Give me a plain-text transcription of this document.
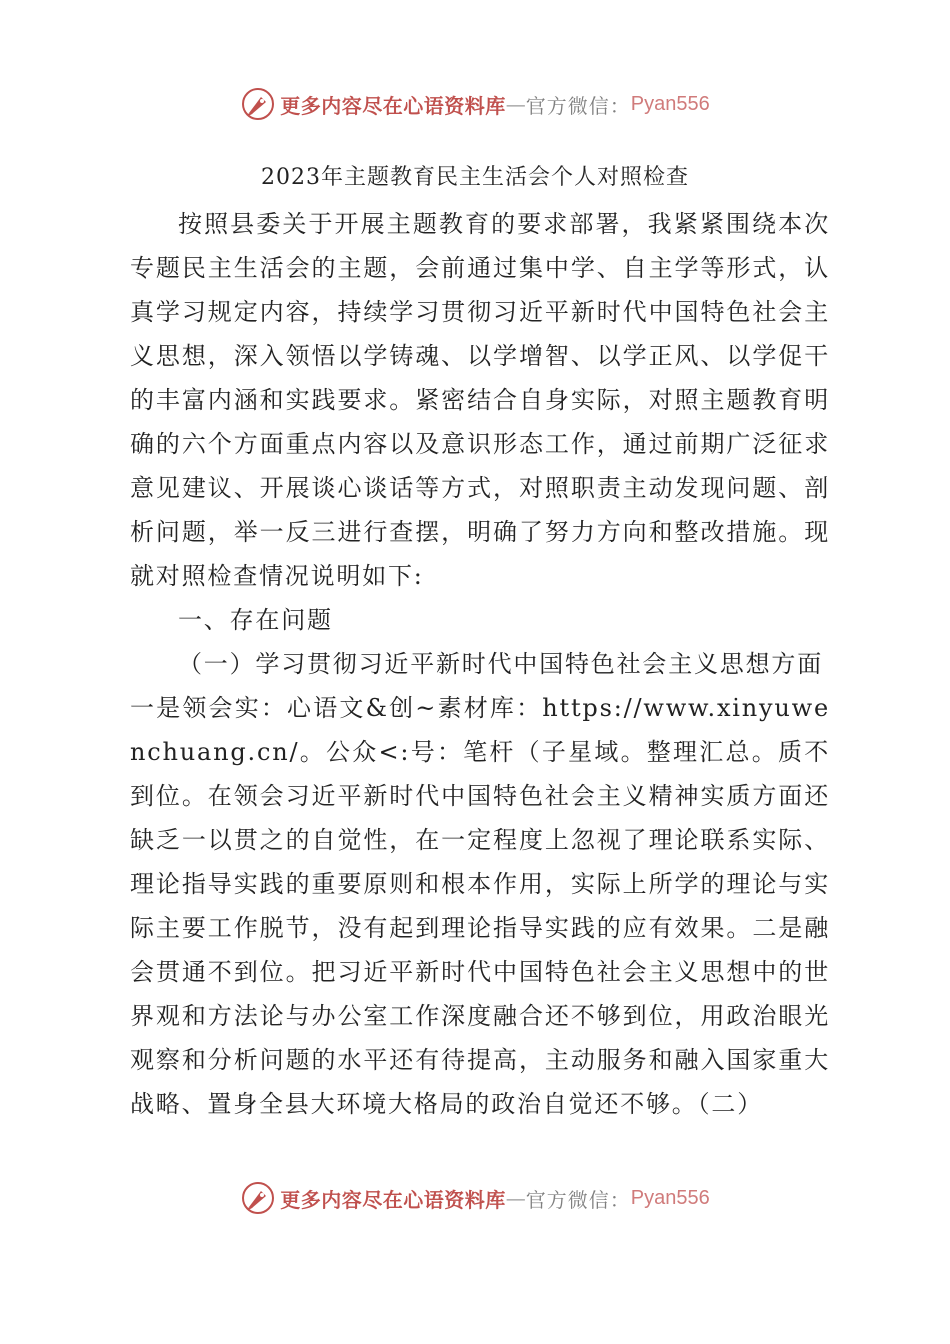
更多内容尽在心语资料库 — 官方微信： Pyan556
2023年主题教育民主生活会个人对照检查

按照县委关于开展主题教育的要求部署，我紧紧围绕本次专题民主生活会的主题，会前通过集中学、自主学等形式，认真学习规定内容，持续学习贯彻习近平新时代中国特色社会主义思想，深入领悟以学铸魂、以学增智、以学正风、以学促干的丰富内涵和实践要求。紧密结合自身实际，对照主题教育明确的六个方面重点内容以及意识形态工作，通过前期广泛征求意见建议、开展谈心谈话等方式，对照职责主动发现问题、剖析问题，举一反三进行查摆，明确了努力方向和整改措施。现就对照检查情况说明如下:

一、存在问题

（一）学习贯彻习近平新时代中国特色社会主义思想方面

一是领会实：心语文&创~素材库：https://www.xinyuwenchuang.cn/。公众<:号：笔杆（子星域。整理汇总。质不到位。在领会习近平新时代中国特色社会主义精神实质方面还缺乏一以贯之的自觉性，在一定程度上忽视了理论联系实际、理论指导实践的重要原则和根本作用，实际上所学的理论与实际主要工作脱节，没有起到理论指导实践的应有效果。二是融会贯通不到位。把习近平新时代中国特色社会主义思想中的世界观和方法论与办公室工作深度融合还不够到位，用政治眼光观察和分析问题的水平还有待提高，主动服务和融入国家重大战略、置身全县大环境大格局的政治自觉还不够。（二）

更多内容尽在心语资料库 — 官方微信： Pyan556
